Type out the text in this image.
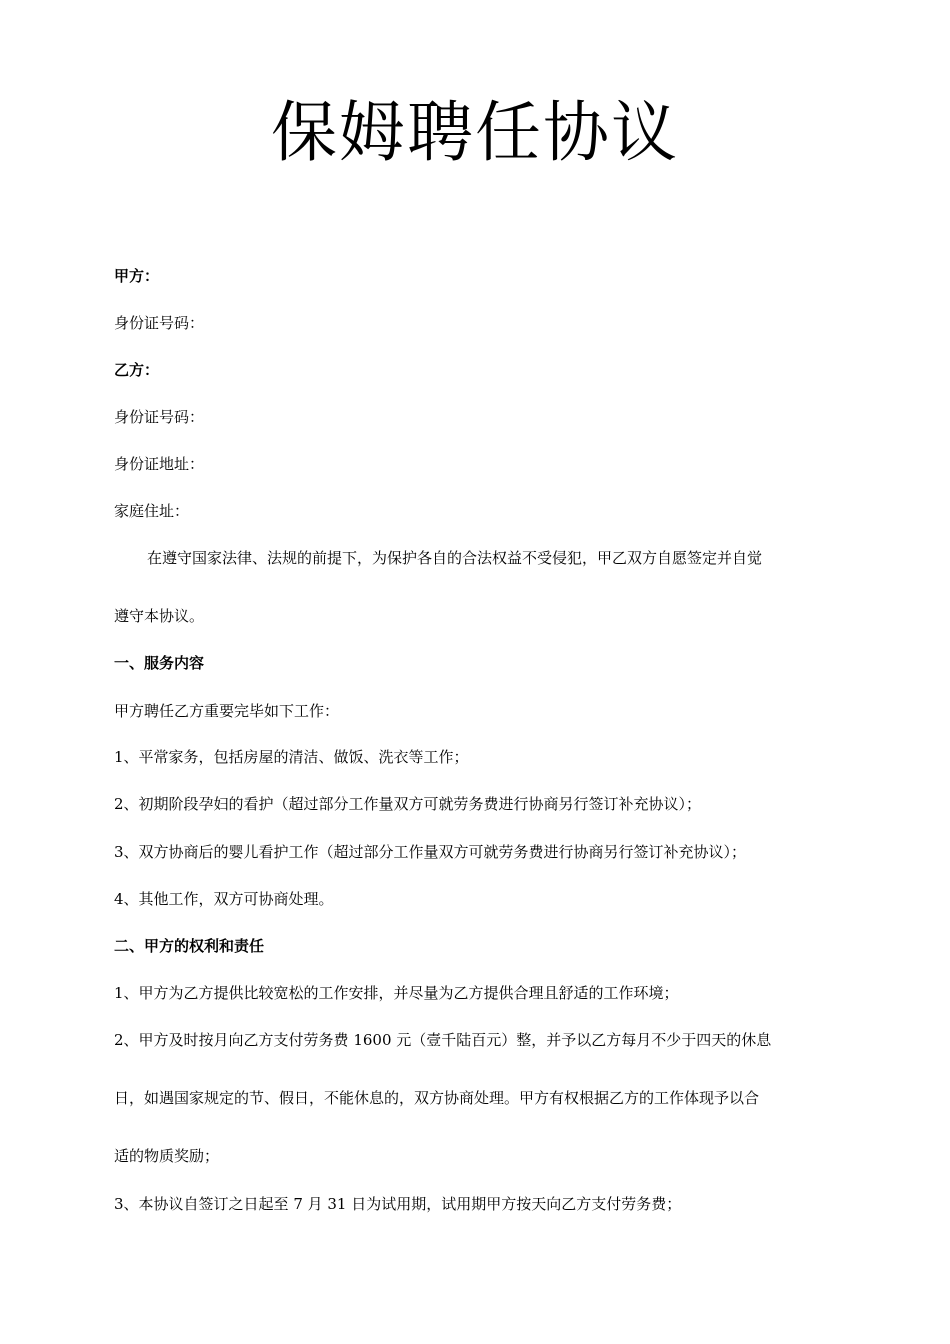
保姆聘任协议
甲方：
身份证号码：
乙方：
身份证号码：
身份证地址：
家庭住址：
在遵守国家法律、法规的前提下，为保护各自的合法权益不受侵犯，甲乙双方自愿签定并自觉
遵守本协议。
一、服务内容
甲方聘任乙方重要完毕如下工作：
1、平常家务，包括房屋的清洁、做饭、洗衣等工作；
2、初期阶段孕妇的看护（超过部分工作量双方可就劳务费进行协商另行签订补充协议）；
3、双方协商后的婴儿看护工作（超过部分工作量双方可就劳务费进行协商另行签订补充协议）；
4、其他工作，双方可协商处理。
二、甲方的权利和责任
1、甲方为乙方提供比较宽松的工作安排，并尽量为乙方提供合理且舒适的工作环境；
2、甲方及时按月向乙方支付劳务费 1600 元（壹千陆百元）整，并予以乙方每月不少于四天的休息
日，如遇国家规定的节、假日，不能休息的，双方协商处理。甲方有权根据乙方的工作体现予以合
适的物质奖励；
3、本协议自签订之日起至 7 月 31 日为试用期，试用期甲方按天向乙方支付劳务费；
